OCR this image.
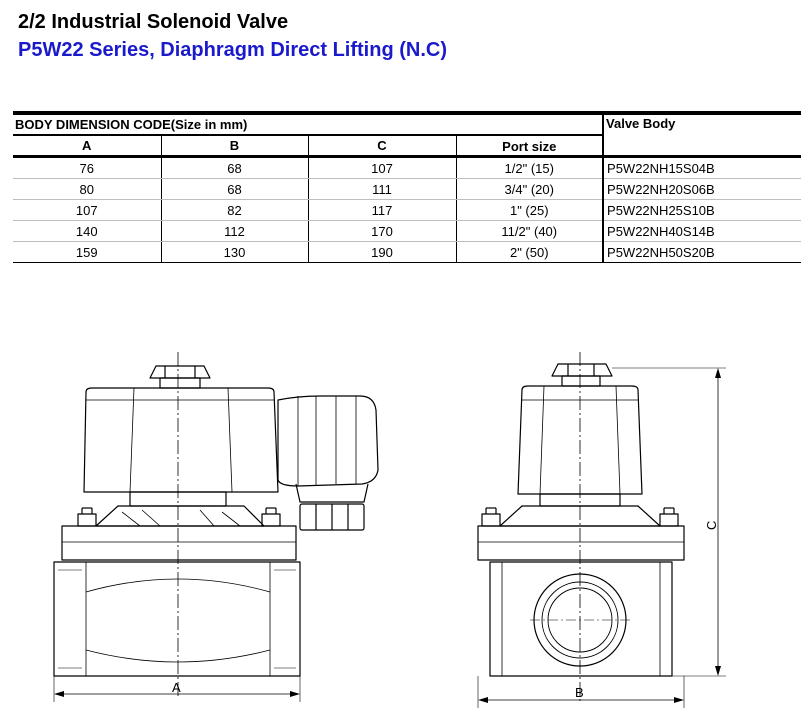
2/2 Industrial Solenoid Valve
P5W22 Series, Diaphragm Direct Lifting (N.C)
BODY DIMENSION CODE(Size in mm)				Valve Body
A	B	C	Port size	
76	68	107	1/2" (15)	P5W22NH15S04B
80	68	111	3/4" (20)	P5W22NH20S06B
107	82	117	1" (25)	P5W22NH25S10B
140	112	170	11/2" (40)	P5W22NH40S14B
159	130	190	2" (50)	P5W22NH50S20B
A	B
C
